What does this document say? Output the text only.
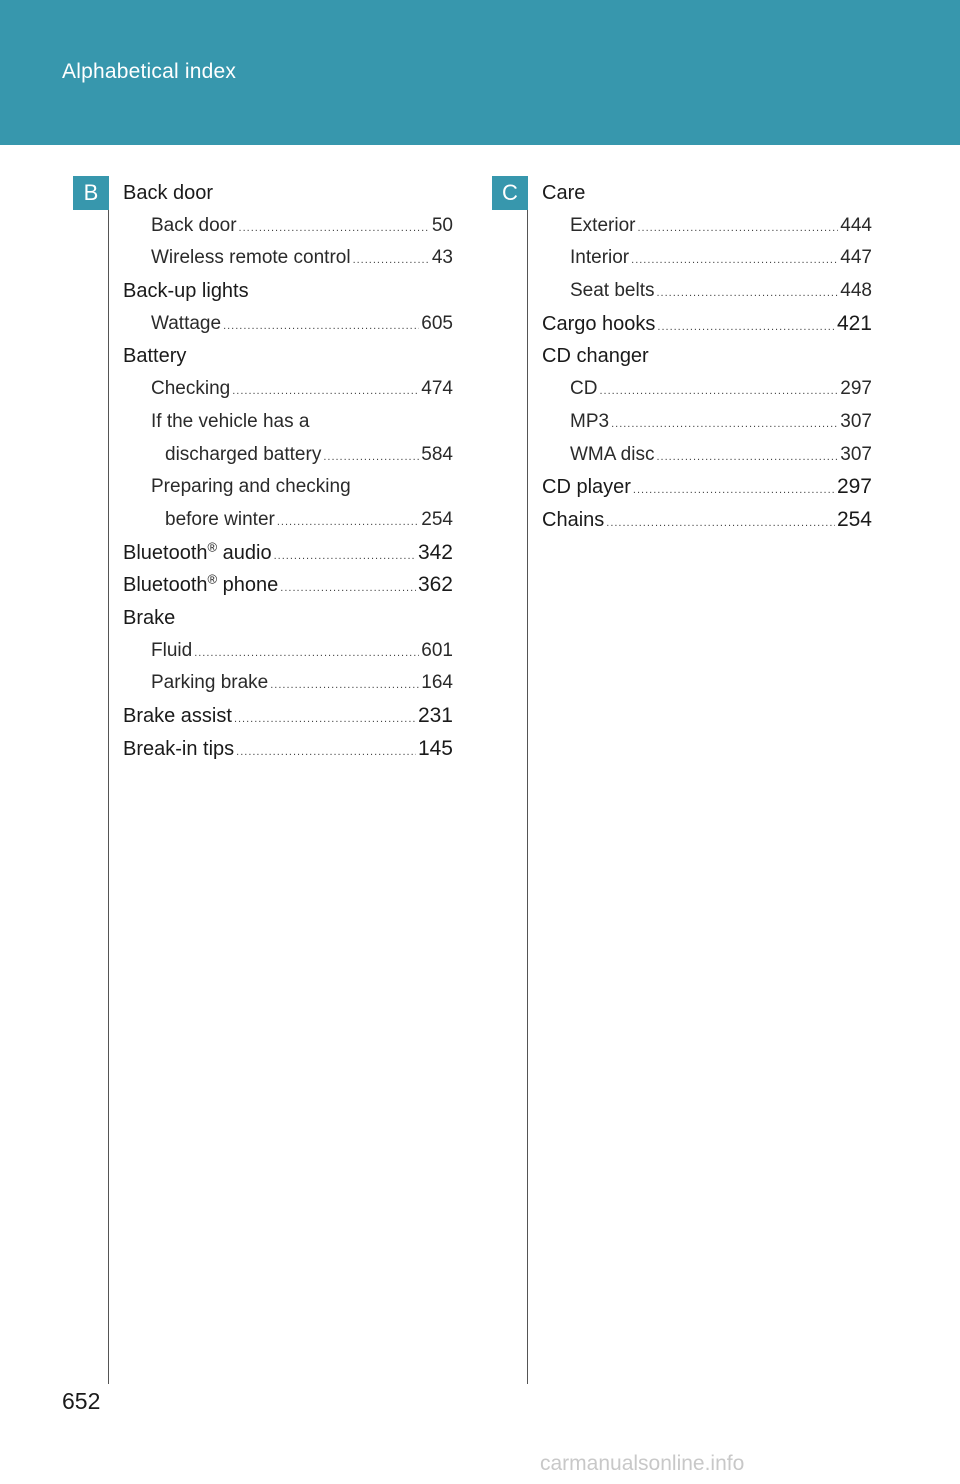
Alphabetical index
B	C
Back door
Back door .....	50
Wireless remote control .....	43
Back-up lights
Wattage .....	605
Battery
Checking .....	474
If the vehicle has a
discharged battery .....	584
Preparing and checking
before winter .....	254
Bluetooth® audio .....	342
Bluetooth® phone .....	362
Brake
Fluid .....	601
Parking brake .....	164
Brake assist .....	231
Break-in tips .....	145
Care
Exterior .....	444
Interior .....	447
Seat belts .....	448
Cargo hooks .....	421
CD changer
CD .....	297
MP3 .....	307
WMA disc .....	307
CD player .....	297
Chains .....	254
652
carmanualsonline.info
